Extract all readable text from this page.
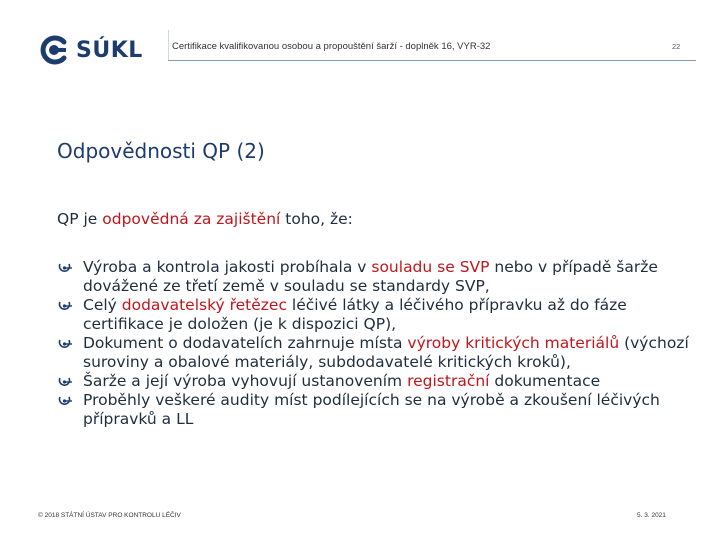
SÚKL	Certifikace kvalifikovanou osobou a propouštění šarží - doplněk 16, VYR-32	22
Odpovědnosti QP (2)
QP je odpovědná za zajištění toho, že:
Výroba a kontrola jakosti probíhala v souladu se SVP nebo v případě šarže dovážené ze třetí země v souladu se standardy SVP,
Celý dodavatelský řetězec léčivé látky a léčivého přípravku až do fáze certifikace je doložen (je k dispozici QP),
Dokument o dodavatelích zahrnuje místa výroby kritických materiálů (výchozí suroviny a obalové materiály, subdodavatelé kritických kroků),
Šarže a její výroba vyhovují ustanovením registrační dokumentace
Proběhly veškeré audity míst podílejících se na výrobě a zkoušení léčivých přípravků a LL
© 2018 STÁTNÍ ÚSTAV PRO KONTROLU LÉČIV	5. 3. 2021
